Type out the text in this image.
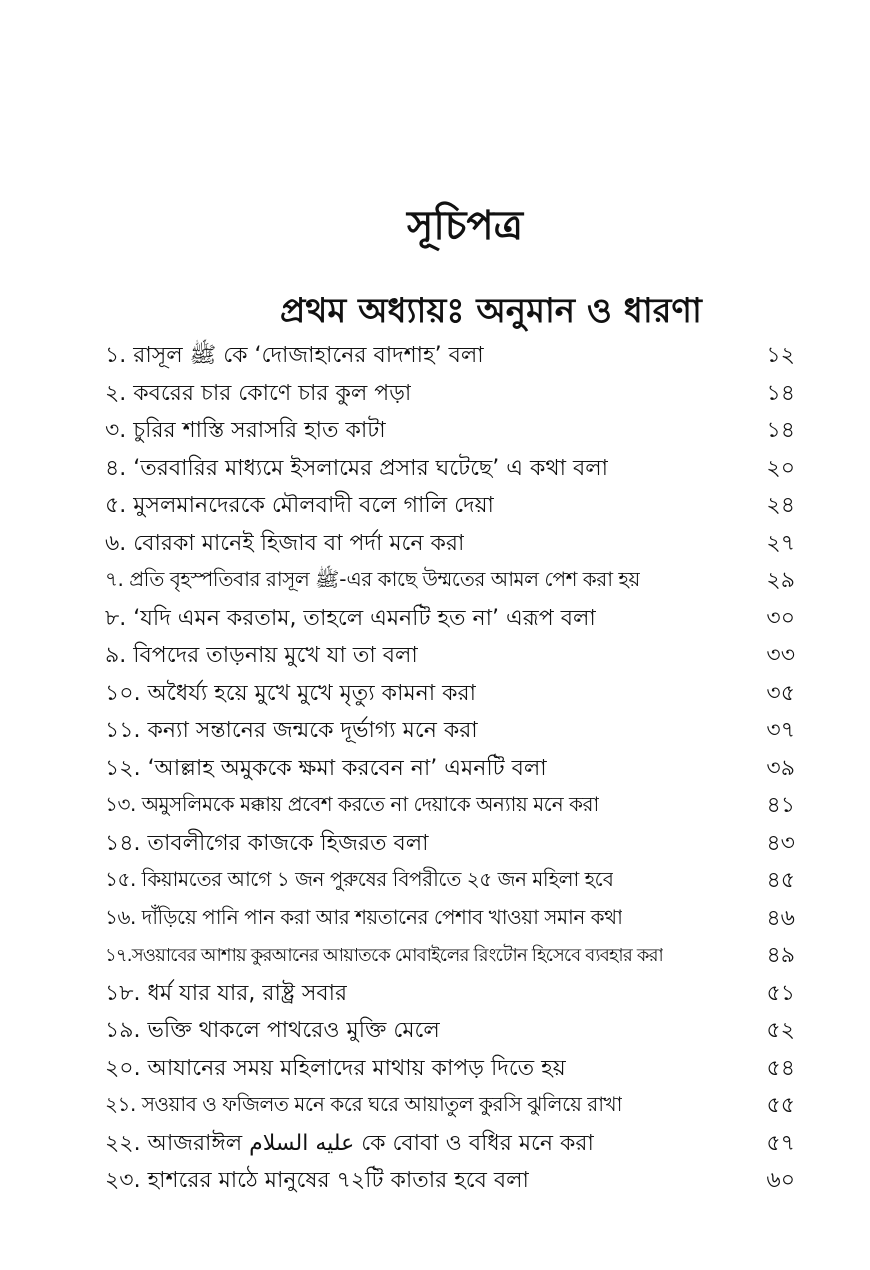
সূচিপত্র
প্রথম অধ্যায়ঃ অনুমান ও ধারণা
১. রাসূল ﷺ কে ‘দোজাহানের বাদশাহ’ বলা	১২
২. কবরের চার কোণে চার কুল পড়া	১৪
৩. চুরির শাস্তি সরাসরি হাত কাটা	১৪
৪. ‘তরবারির মাধ্যমে ইসলামের প্রসার ঘটেছে’ এ কথা বলা	২০
৫. মুসলমানদেরকে মৌলবাদী বলে গালি দেয়া	২৪
৬. বোরকা মানেই হিজাব বা পর্দা মনে করা	২৭
৭. প্রতি বৃহস্পতিবার রাসূল ﷺ-এর কাছে উম্মতের আমল পেশ করা হয়	২৯
৮. ‘যদি এমন করতাম, তাহলে এমনটি হত না’ এরূপ বলা	৩০
৯. বিপদের তাড়নায় মুখে যা তা বলা	৩৩
১০. অধৈর্য্য হয়ে মুখে মুখে মৃত্যু কামনা করা	৩৫
১১. কন্যা সন্তানের জন্মকে দূর্ভাগ্য মনে করা	৩৭
১২. ‘আল্লাহ অমুককে ক্ষমা করবেন না’ এমনটি বলা	৩৯
১৩. অমুসলিমকে মক্কায় প্রবেশ করতে না দেয়াকে অন্যায় মনে করা	৪১
১৪. তাবলীগের কাজকে হিজরত বলা	৪৩
১৫. কিয়ামতের আগে ১ জন পুরুষের বিপরীতে ২৫ জন মহিলা হবে	৪৫
১৬. দাঁড়িয়ে পানি পান করা আর শয়তানের পেশাব খাওয়া সমান কথা	৪৬
১৭.সওয়াবের আশায় কুরআনের আয়াতকে মোবাইলের রিংটোন হিসেবে ব্যবহার করা	৪৯
১৮. ধর্ম যার যার, রাষ্ট্র সবার	৫১
১৯. ভক্তি থাকলে পাথরেও মুক্তি মেলে	৫২
২০. আযানের সময় মহিলাদের মাথায় কাপড় দিতে হয়	৫৪
২১. সওয়াব ও ফজিলত মনে করে ঘরে আয়াতুল কুরসি ঝুলিয়ে রাখা	৫৫
২২. আজরাঈল عليه السلام কে বোবা ও বধির মনে করা	৫৭
২৩. হাশরের মাঠে মানুষের ৭২টি কাতার হবে বলা	৬০
